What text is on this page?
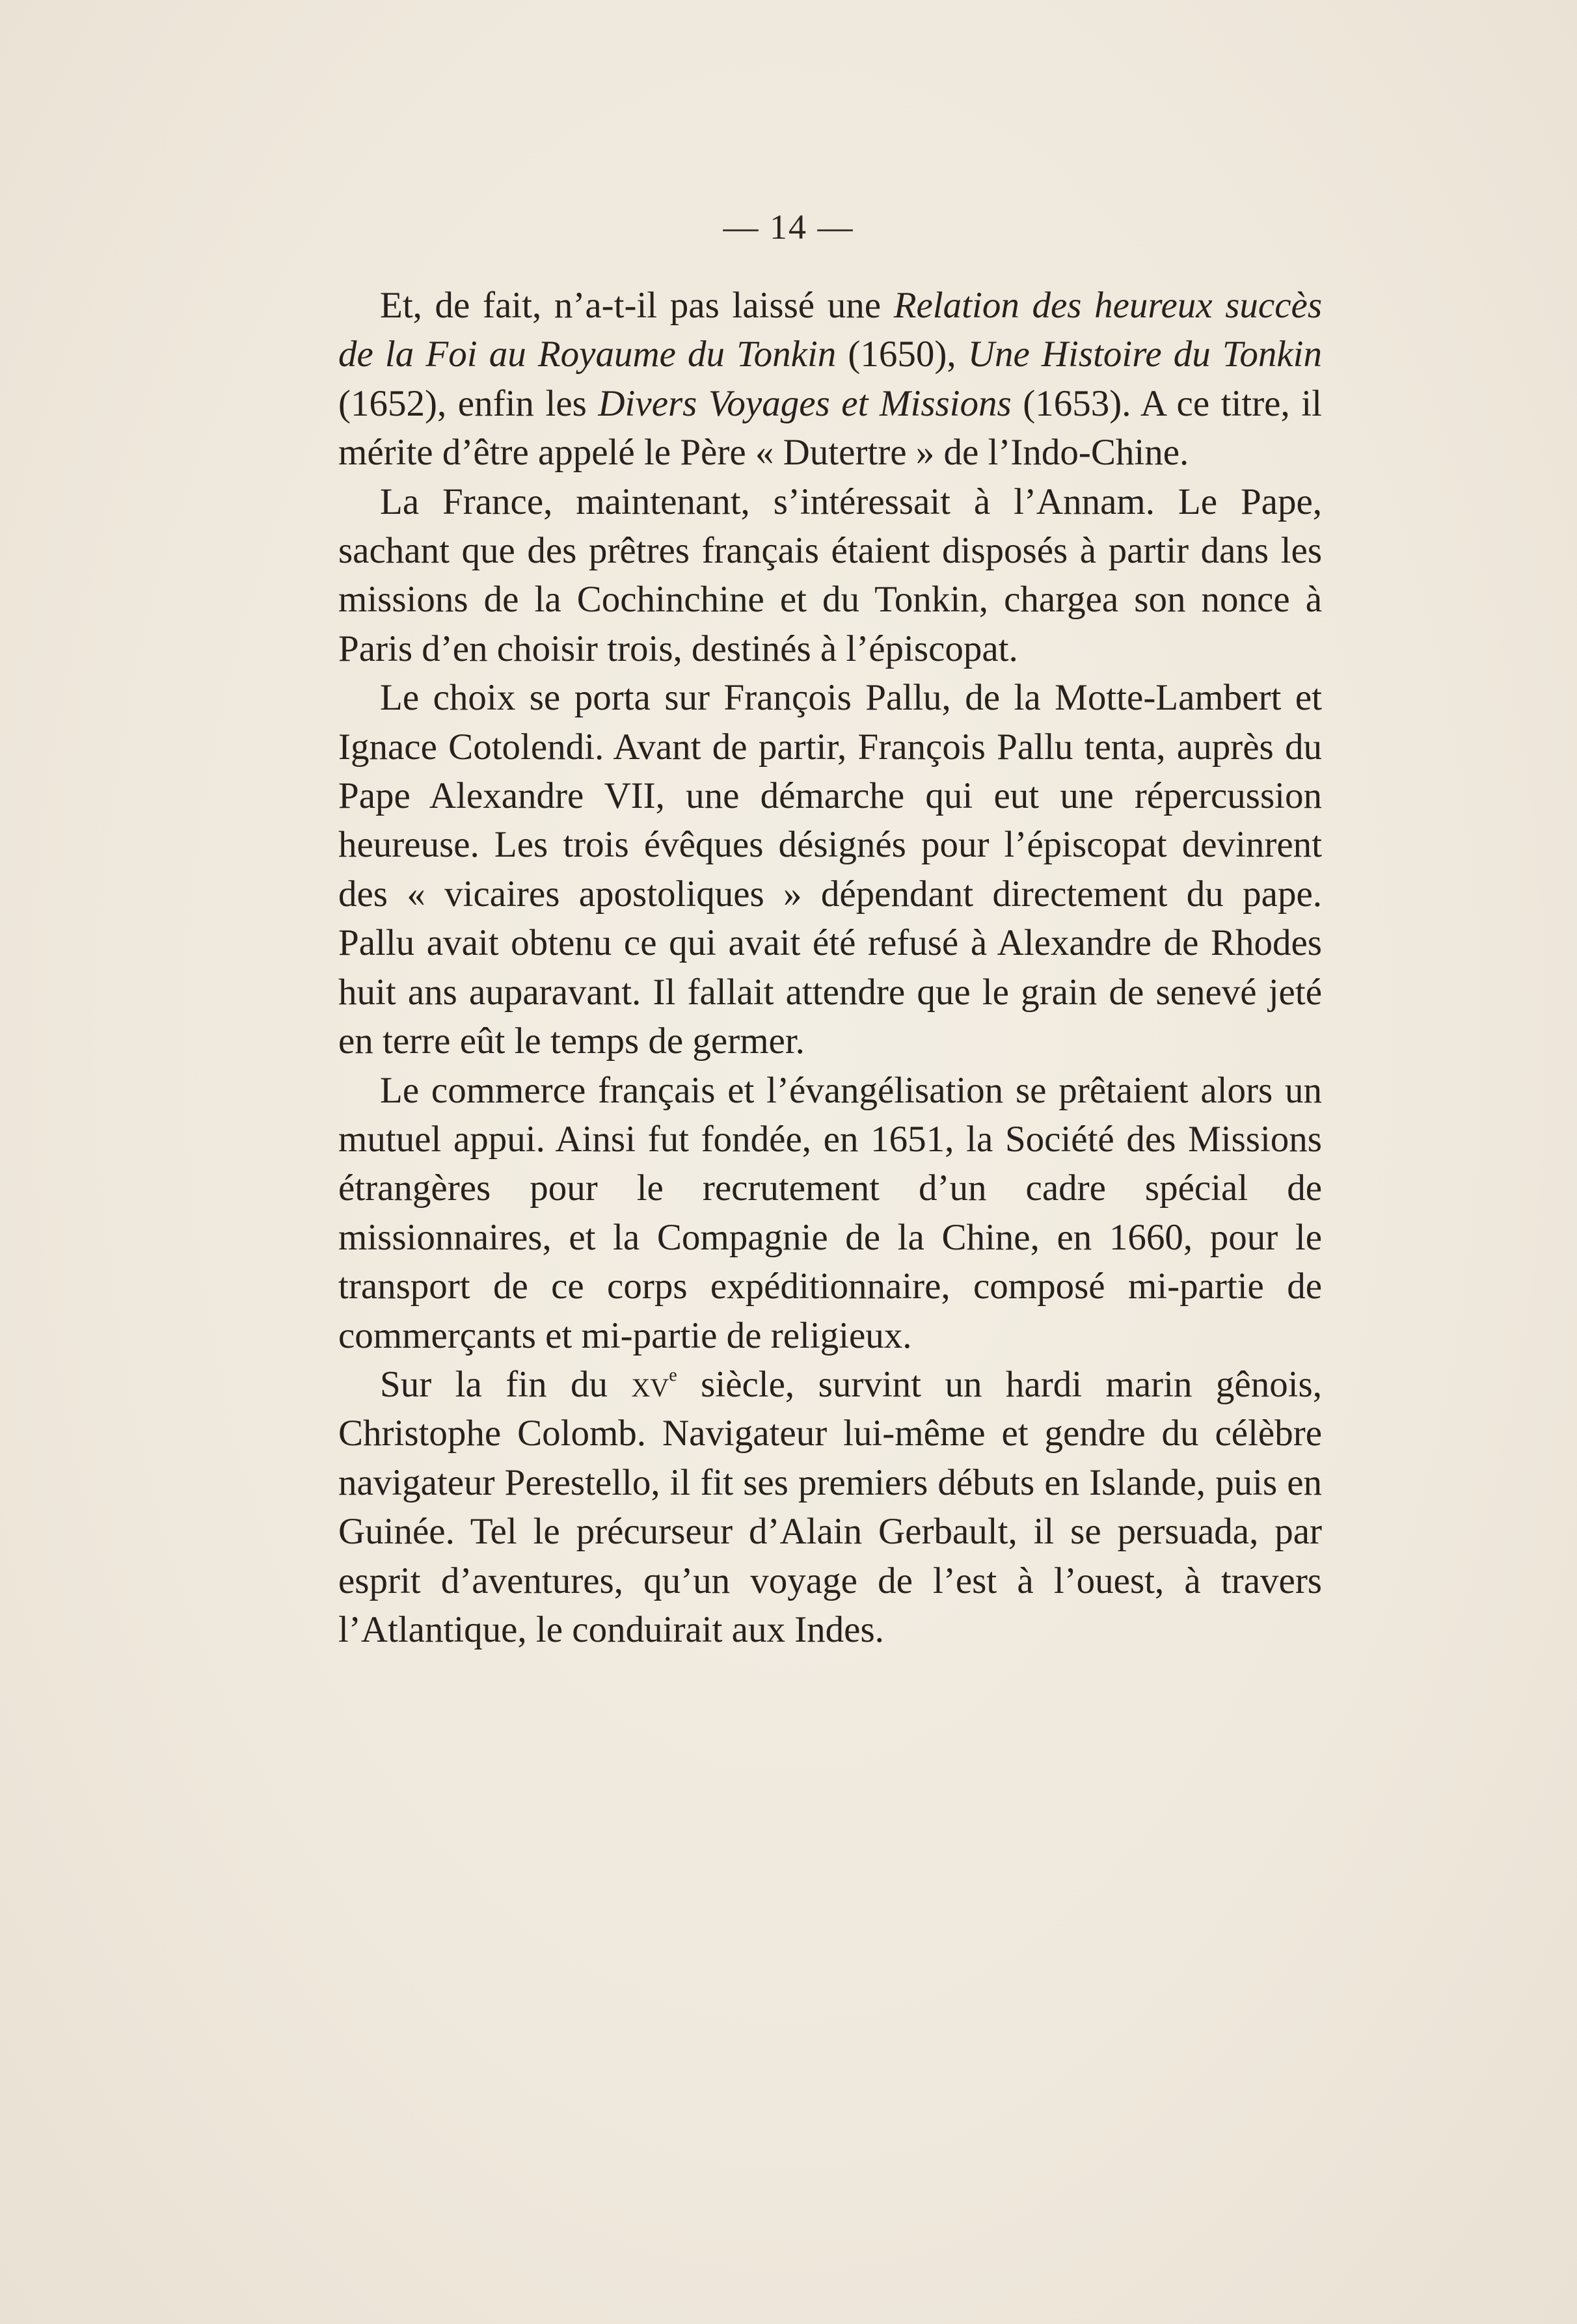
— 14 —

Et, de fait, n’a-t-il pas laissé une Relation des heureux succès de la Foi au Royaume du Tonkin (1650), Une Histoire du Tonkin (1652), enfin les Divers Voyages et Missions (1653). A ce titre, il mérite d’être appelé le Père « Dutertre » de l’Indo-Chine.

La France, maintenant, s’intéressait à l’Annam. Le Pape, sachant que des prêtres français étaient disposés à partir dans les missions de la Cochinchine et du Tonkin, chargea son nonce à Paris d’en choisir trois, destinés à l’épiscopat.

Le choix se porta sur François Pallu, de la Motte-Lambert et Ignace Cotolendi. Avant de partir, François Pallu tenta, auprès du Pape Alexandre VII, une démarche qui eut une répercussion heureuse. Les trois évêques désignés pour l’épiscopat devinrent des « vicaires apostoliques » dépendant directement du pape. Pallu avait obtenu ce qui avait été refusé à Alexandre de Rhodes huit ans auparavant. Il fallait attendre que le grain de senevé jeté en terre eût le temps de germer.

Le commerce français et l’évangélisation se prêtaient alors un mutuel appui. Ainsi fut fondée, en 1651, la Société des Missions étrangères pour le recrutement d’un cadre spécial de missionnaires, et la Compagnie de la Chine, en 1660, pour le transport de ce corps expéditionnaire, composé mi-partie de commerçants et mi-partie de religieux.

Sur la fin du $xv^e$ siècle, survint un hardi marin gênois, Christophe Colomb. Navigateur lui-même et gendre du célèbre navigateur Perestello, il fit ses premiers débuts en Islande, puis en Guinée. Tel le précurseur d’Alain Gerbault, il se persuada, par esprit d’aventures, qu’un voyage de l’est à l’ouest, à travers l’Atlantique, le conduirait aux Indes.
